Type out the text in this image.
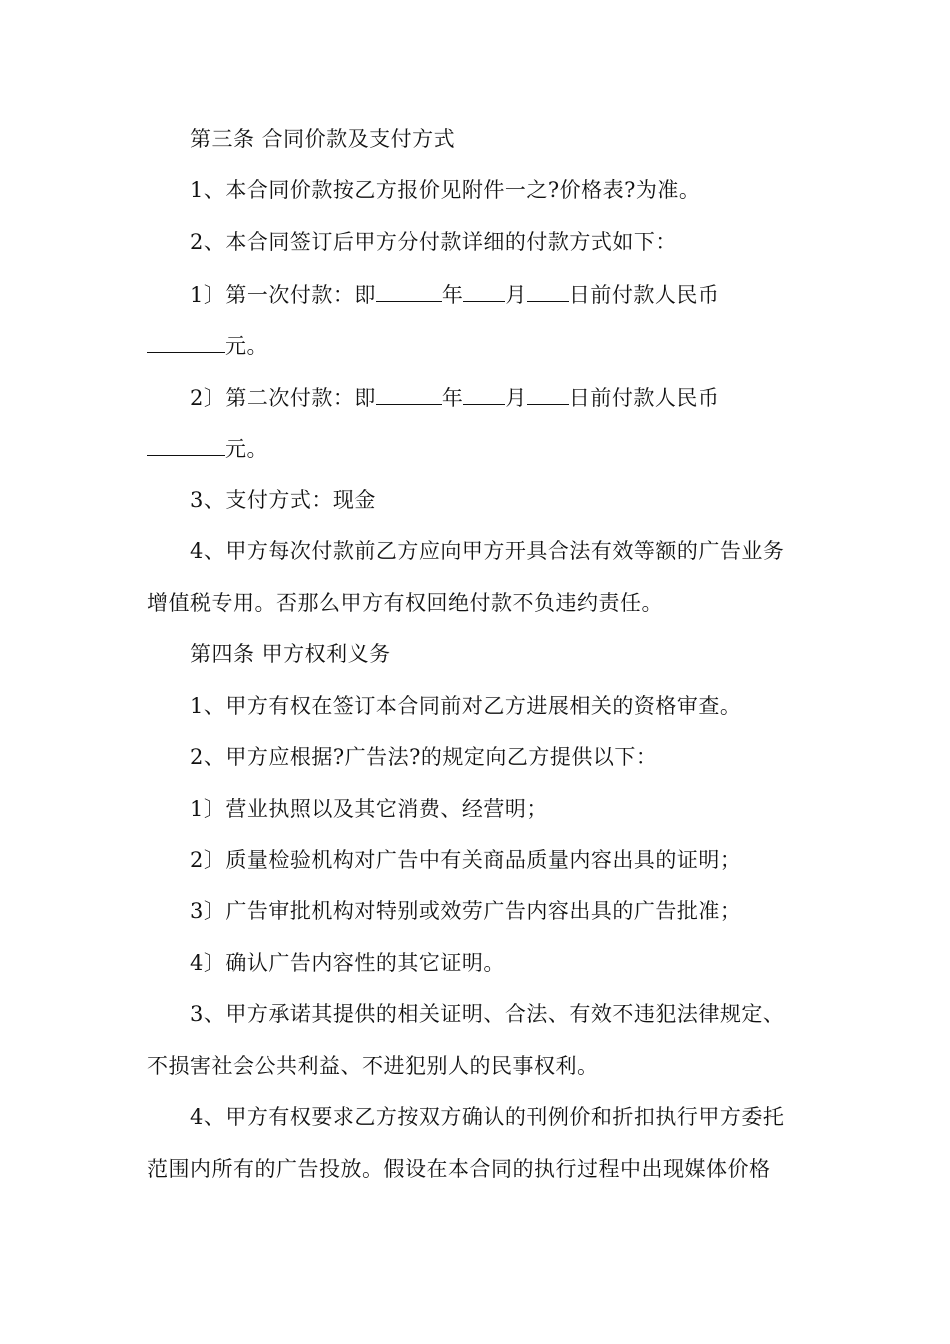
第三条 合同价款及支付方式
1、本合同价款按乙方报价见附件一之?价格表?为准。
2、本合同签订后甲方分付款详细的付款方式如下：
1〕第一次付款：即	年 月 日前付款人民币
元。
2〕第二次付款：即	年 月 日前付款人民币
元。
3、支付方式：现金
4、甲方每次付款前乙方应向甲方开具合法有效等额的广告业务
增值税专用。否那么甲方有权回绝付款不负违约责任。
第四条 甲方权利义务
1、甲方有权在签订本合同前对乙方进展相关的资格审查。
2、甲方应根据?广告法?的规定向乙方提供以下：
1〕营业执照以及其它消费、经营明；
2〕质量检验机构对广告中有关商品质量内容出具的证明；
3〕广告审批机构对特别或效劳广告内容出具的广告批准；
4〕确认广告内容性的其它证明。
3、甲方承诺其提供的相关证明、合法、有效不违犯法律规定、
不损害社会公共利益、不进犯别人的民事权利。
4、甲方有权要求乙方按双方确认的刊例价和折扣执行甲方委托
范围内所有的广告投放。假设在本合同的执行过程中出现媒体价格
